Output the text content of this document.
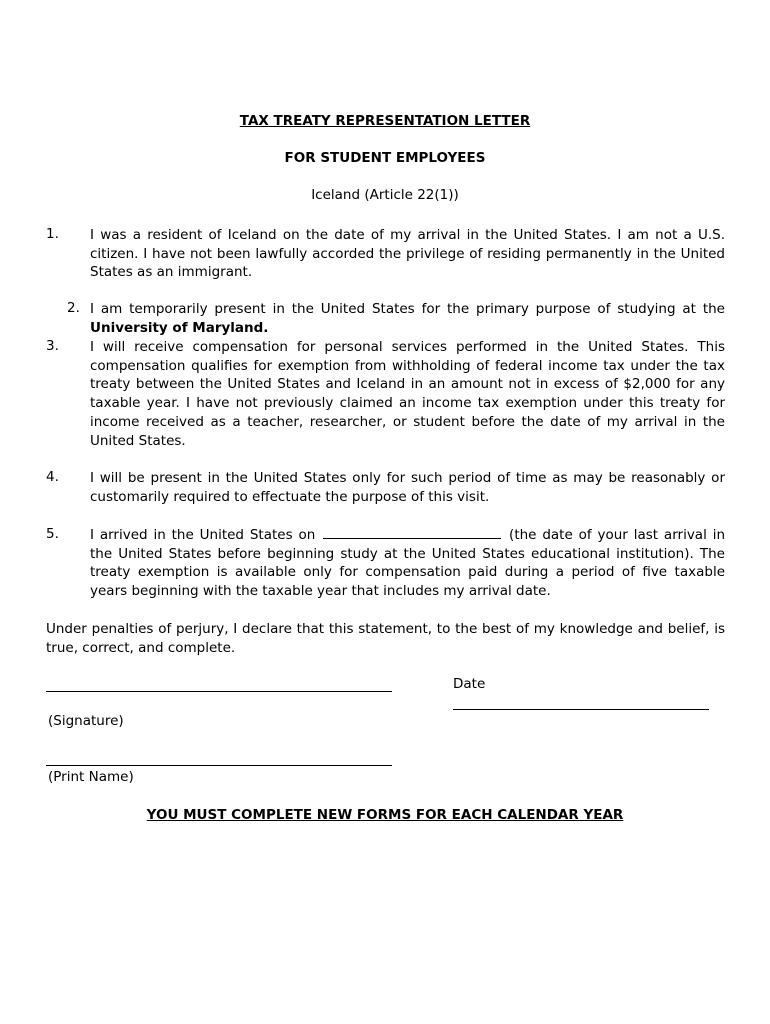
TAX TREATY REPRESENTATION LETTER
FOR STUDENT EMPLOYEES
Iceland (Article 22(1))
1. I was a resident of Iceland on the date of my arrival in the United States. I am not a U.S. citizen. I have not been lawfully accorded the privilege of residing permanently in the United States as an immigrant.
2. I am temporarily present in the United States for the primary purpose of studying at the University of Maryland.
3. I will receive compensation for personal services performed in the United States. This compensation qualifies for exemption from withholding of federal income tax under the tax treaty between the United States and Iceland in an amount not in excess of $2,000 for any taxable year. I have not previously claimed an income tax exemption under this treaty for income received as a teacher, researcher, or student before the date of my arrival in the United States.
4. I will be present in the United States only for such period of time as may be reasonably or customarily required to effectuate the purpose of this visit.
5. I arrived in the United States on	(the date of your last arrival in the United States before beginning study at the United States educational institution). The treaty exemption is available only for compensation paid during a period of five taxable years beginning with the taxable year that includes my arrival date.
Under penalties of perjury, I declare that this statement, to the best of my knowledge and belief, is true, correct, and complete.
Date
(Signature)
(Print Name)
YOU MUST COMPLETE NEW FORMS FOR EACH CALENDAR YEAR
